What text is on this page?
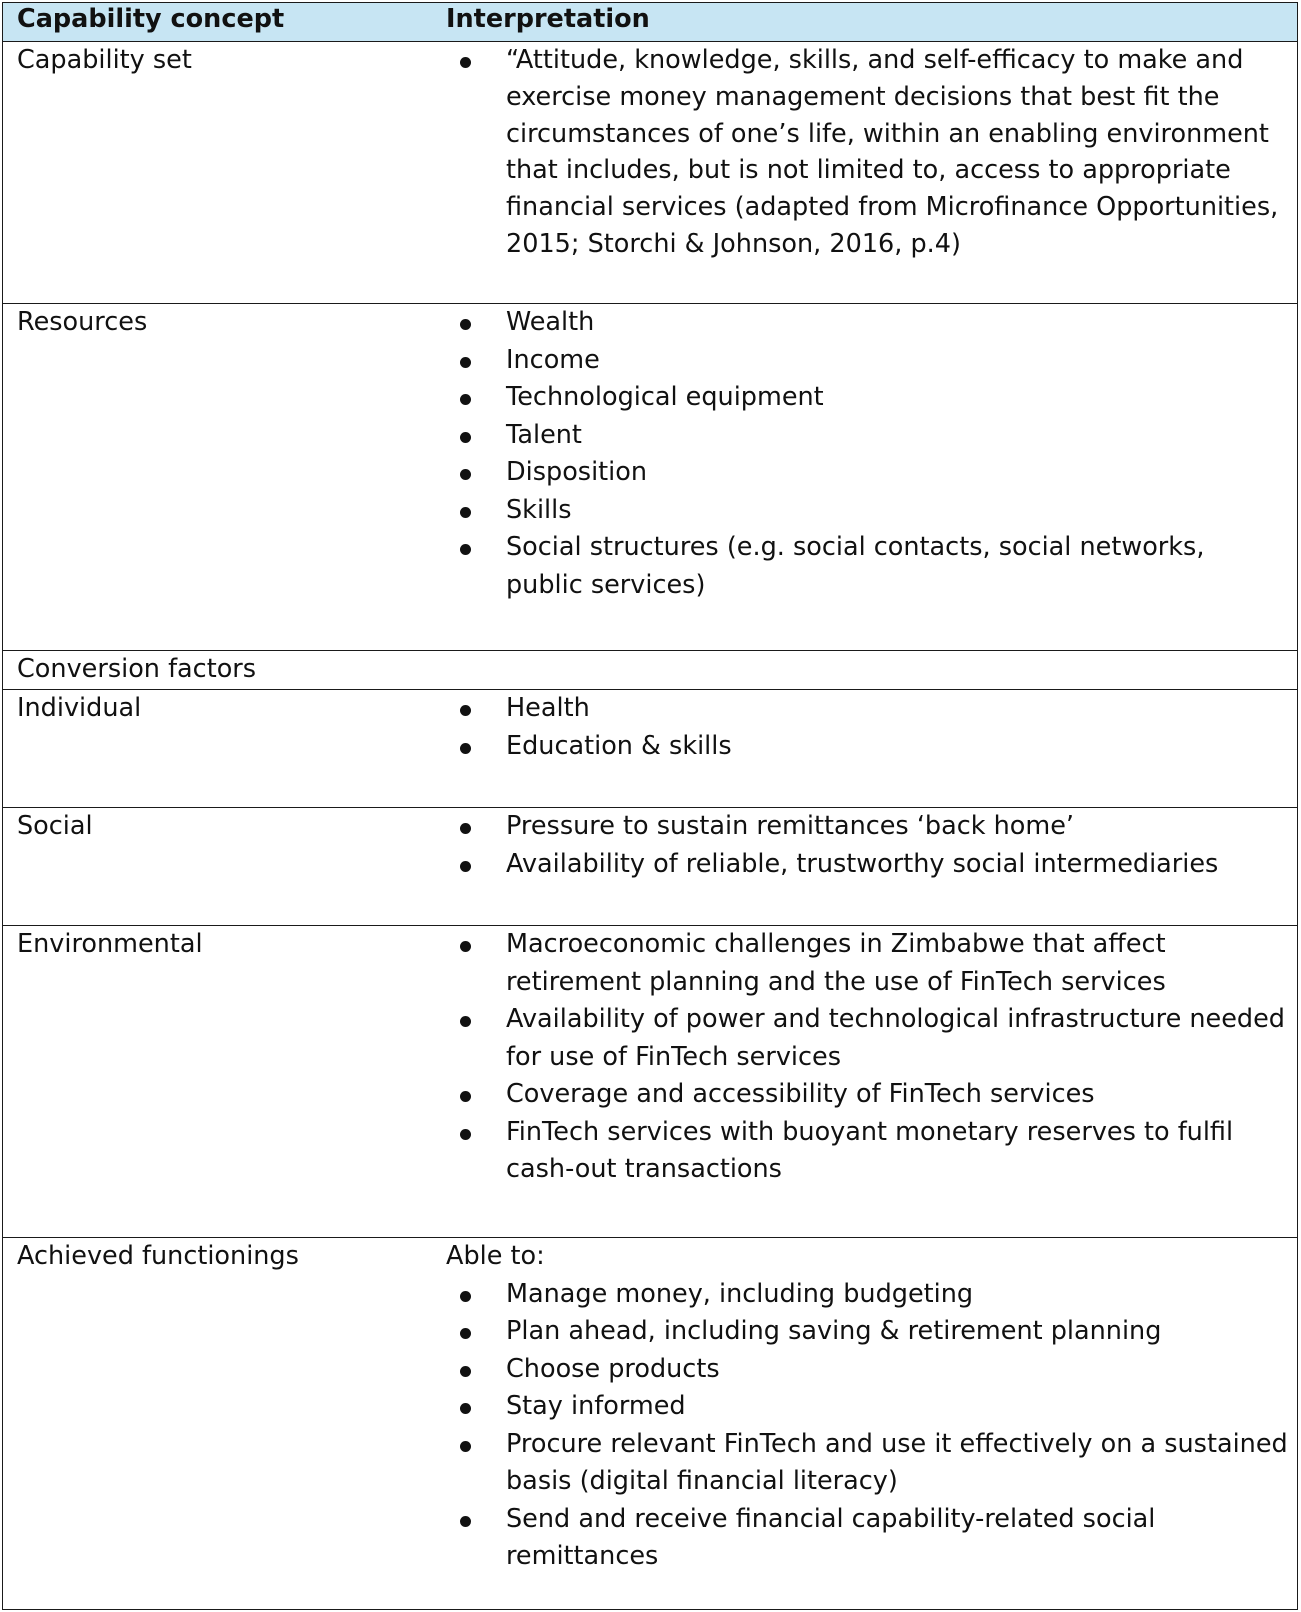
Capability concept	Interpretation
Capability set	“Attitude, knowledge, skills, and self-efficacy to make and exercise money management decisions that best fit the circumstances of one’s life, within an enabling environment that includes, but is not limited to, access to appropriate financial services (adapted from Microfinance Opportunities, 2015; Storchi & Johnson, 2016, p.4)
Resources	Wealth
Income
Technological equipment
Talent
Disposition
Skills
Social structures (e.g. social contacts, social networks, public services)
Conversion factors
Individual	Health
Education & skills
Social	Pressure to sustain remittances ‘back home’
Availability of reliable, trustworthy social intermediaries
Environmental	Macroeconomic challenges in Zimbabwe that affect retirement planning and the use of FinTech services
Availability of power and technological infrastructure needed for use of FinTech services
Coverage and accessibility of FinTech services
FinTech services with buoyant monetary reserves to fulfil cash-out transactions
Achieved functionings	Able to:

Manage money, including budgeting
Plan ahead, including saving & retirement planning
Choose products
Stay informed
Procure relevant FinTech and use it effectively on a sustained basis (digital financial literacy)
Send and receive financial capability-related social remittances
